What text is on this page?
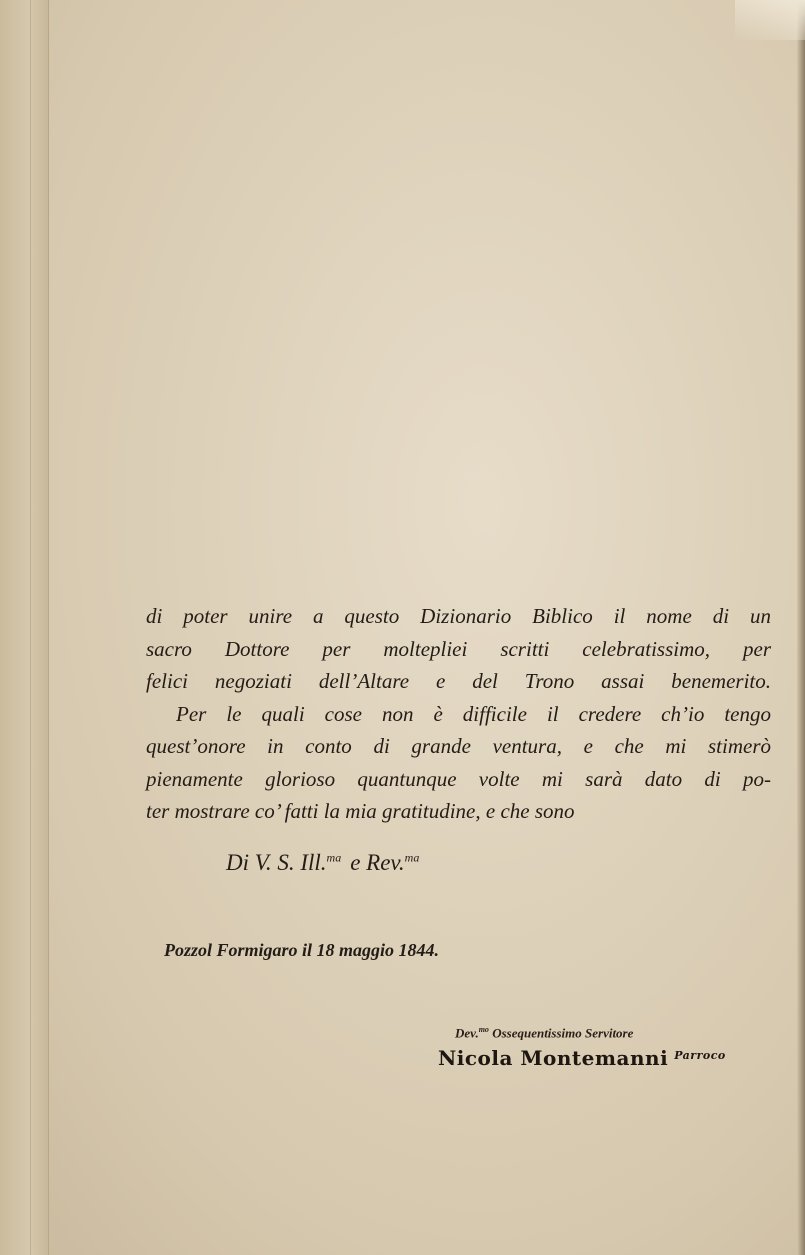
di poter unire a questo Dizionario Biblico il nome di un
sacro Dottore per moltepliei scritti celebratissimo, per
felici negoziati dell’Altare e del Trono assai benemerito.
Per le quali cose non è difficile il credere ch’io tengo
quest’onore in conto di grande ventura, e che mi stimerò
pienamente glorioso quantunque volte mi sarà dato di po-
ter mostrare co’ fatti la mia gratitudine, e che sono
Di V. S. Ill.$^{ma}$ e Rev.$^{ma}$
Pozzol Formigaro il 18 maggio 1844.
Dev.$^{mo}$ Ossequentissimo Servitore
Nicola Montemanni $^{Parroco}$
